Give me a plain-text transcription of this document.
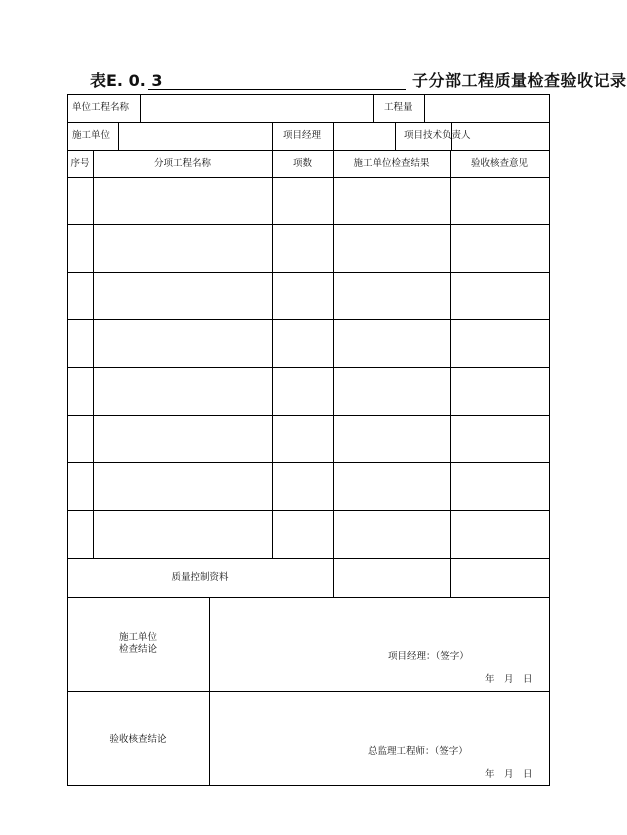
表E. 0. 3	子分部工程质量检查验收记录
单位工程名称	工程量
施工单位	项目经理	项目技术负责人
序号	分项工程名称	项数	施工单位检查结果	验收核查意见
质量控制资料
施工单位
检查结论
项目经理：（签字）
年　月　日
验收核查结论
总监理工程师：（签字）
年　月　日
